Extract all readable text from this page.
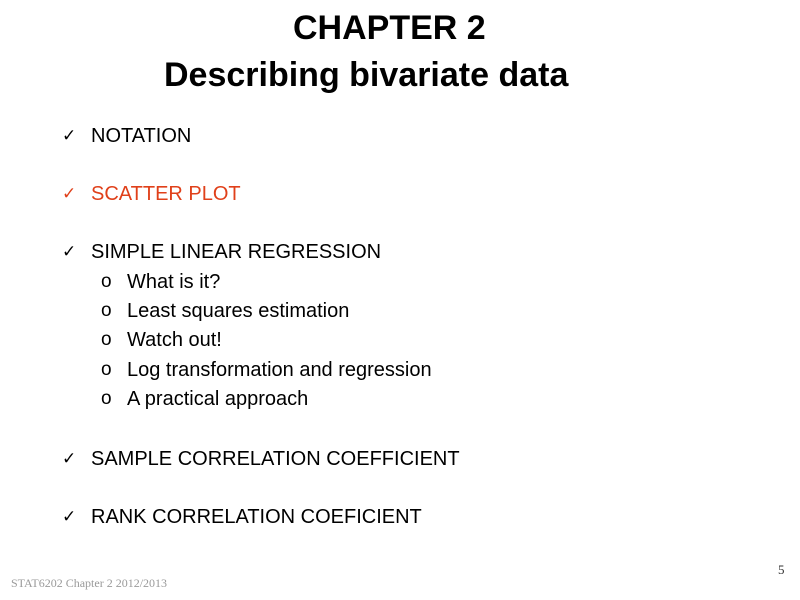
CHAPTER 2
Describing bivariate data
✓ NOTATION
✓ SCATTER PLOT
✓ SIMPLE LINEAR REGRESSION
o What is it?
o Least squares estimation
o Watch out!
o Log transformation and regression
o A practical approach
✓ SAMPLE CORRELATION COEFFICIENT
✓ RANK CORRELATION COEFICIENT
5
STAT6202 Chapter 2 2012/2013
